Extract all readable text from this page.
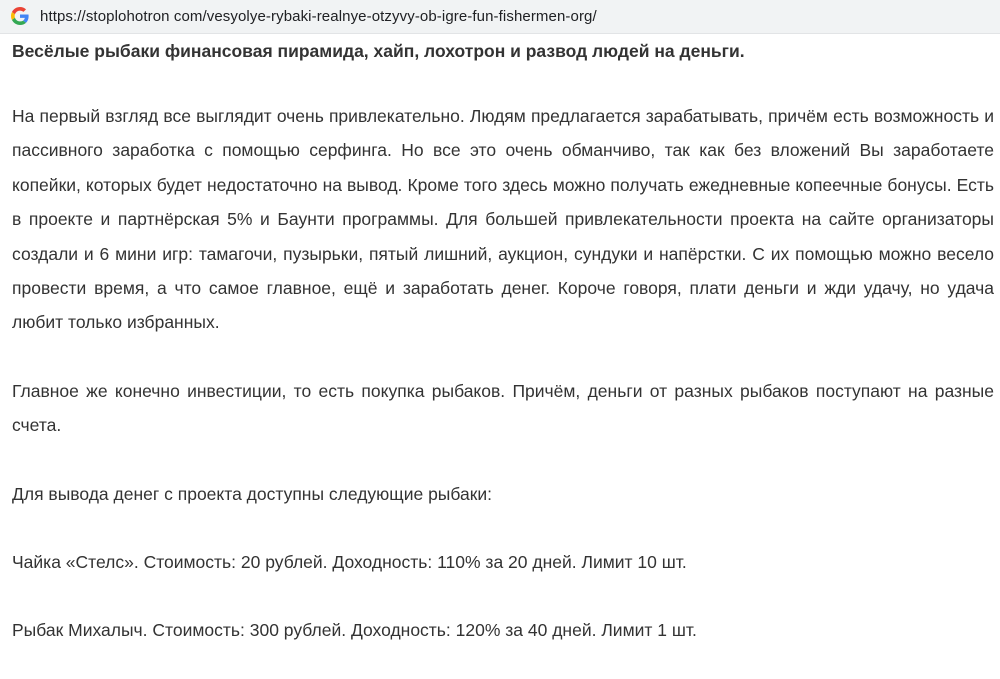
https://stoplohotron com/vesyolye-rybaki-realnye-otzyvy-ob-igre-fun-fishermen-org/
Весёлые рыбаки финансовая пирамида, хайп, лохотрон и развод людей на деньги.

На первый взгляд все выглядит очень привлекательно. Людям предлагается зарабатывать, причём есть возможность и пассивного заработка с помощью серфинга. Но все это очень обманчиво, так как без вложений Вы заработаете копейки, которых будет недостаточно на вывод. Кроме того здесь можно получать ежедневные копеечные бонусы. Есть в проекте и партнёрская 5% и Баунти программы. Для большей привлекательности проекта на сайте организаторы создали и 6 мини игр: тамагочи, пузырьки, пятый лишний, аукцион, сундуки и напёрстки. С их помощью можно весело провести время, а что самое главное, ещё и заработать денег. Короче говоря, плати деньги и жди удачу, но удача любит только избранных.

Главное же конечно инвестиции, то есть покупка рыбаков. Причём, деньги от разных рыбаков поступают на разные счета.

Для вывода денег с проекта доступны следующие рыбаки:

Чайка «Стелс». Стоимость: 20 рублей. Доходность: 110% за 20 дней. Лимит 10 шт.

Рыбак Михалыч. Стоимость: 300 рублей. Доходность: 120% за 40 дней. Лимит 1 шт.
